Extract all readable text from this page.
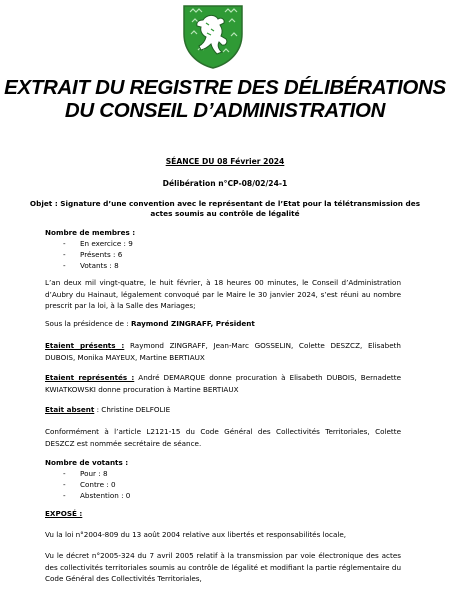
EXTRAIT DU REGISTRE DES DÉLIBÉRATIONS
DU CONSEIL D’ADMINISTRATION
SÉANCE DU 08 Février 2024
Délibération n°CP-08/02/24-1
Objet : Signature d’une convention avec le représentant de l’Etat pour la télétransmission des
actes soumis au contrôle de légalité
Nombre de membres :
- En exercice : 9
- Présents : 6
- Votants : 8
L’an deux mil vingt-quatre, le huit février, à 18 heures 00 minutes, le Conseil d’Administration d’Aubry du Hainaut, légalement convoqué par le Maire le 30 janvier 2024, s’est réuni au nombre prescrit par la loi, à la Salle des Mariages;
Sous la présidence de : Raymond ZINGRAFF, Président
Etaient présents : Raymond ZINGRAFF, Jean-Marc GOSSELIN, Colette DESZCZ, Elisabeth DUBOIS, Monika MAYEUX, Martine BERTIAUX
Etaient représentés : André DEMARQUE donne procuration à Elisabeth DUBOIS, Bernadette KWIATKOWSKI donne procuration à Martine BERTIAUX
Etait absent : Christine DELFOLIE
Conformément à l’article L2121-15 du Code Général des Collectivités Territoriales, Colette DESZCZ est nommée secrétaire de séance.
Nombre de votants :
- Pour : 8
- Contre : 0
- Abstention : 0
EXPOSÉ :
Vu la loi n°2004-809 du 13 août 2004 relative aux libertés et responsabilités locale,
Vu le décret n°2005-324 du 7 avril 2005 relatif à la transmission par voie électronique des actes des collectivités territoriales soumis au contrôle de légalité et modifiant la partie réglementaire du Code Général des Collectivités Territoriales,
